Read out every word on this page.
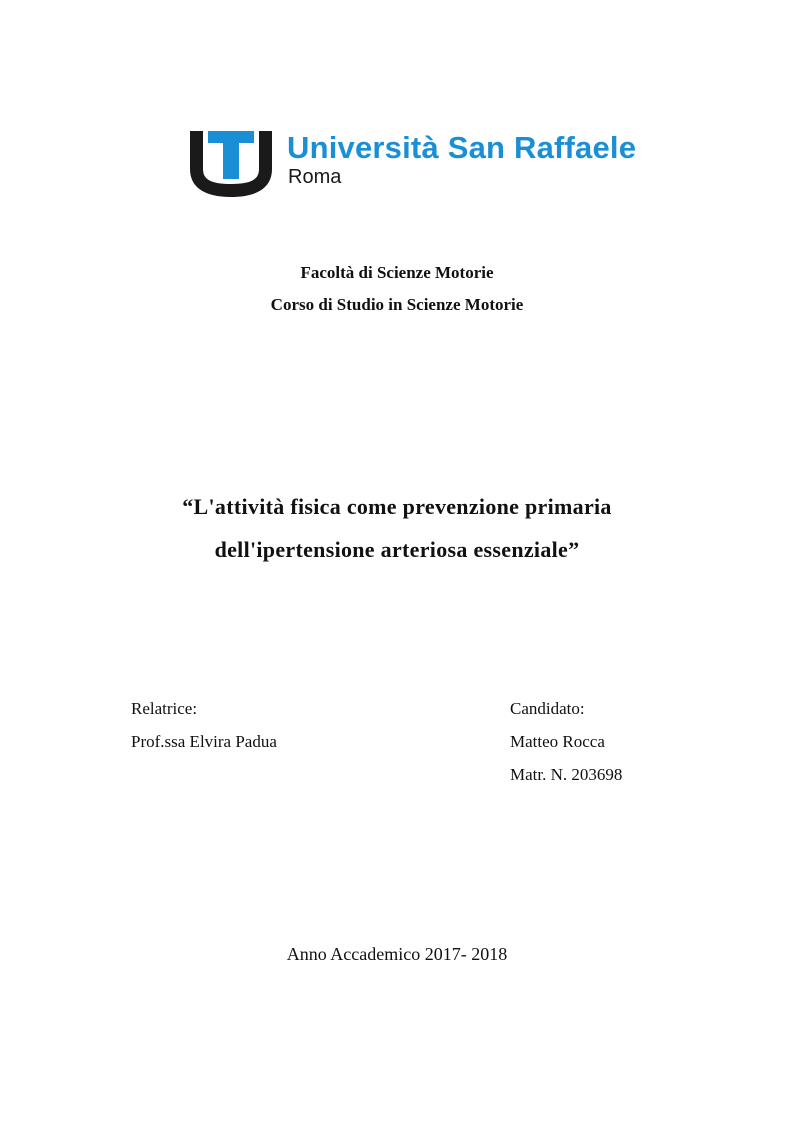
Università San Raffaele
Roma
Facoltà di Scienze Motorie
Corso di Studio in Scienze Motorie
“L'attività fisica come prevenzione primaria
dell'ipertensione arteriosa essenziale”
Relatrice:
Prof.ssa Elvira Padua
Candidato:
Matteo Rocca
Matr. N. 203698
Anno Accademico 2017- 2018
